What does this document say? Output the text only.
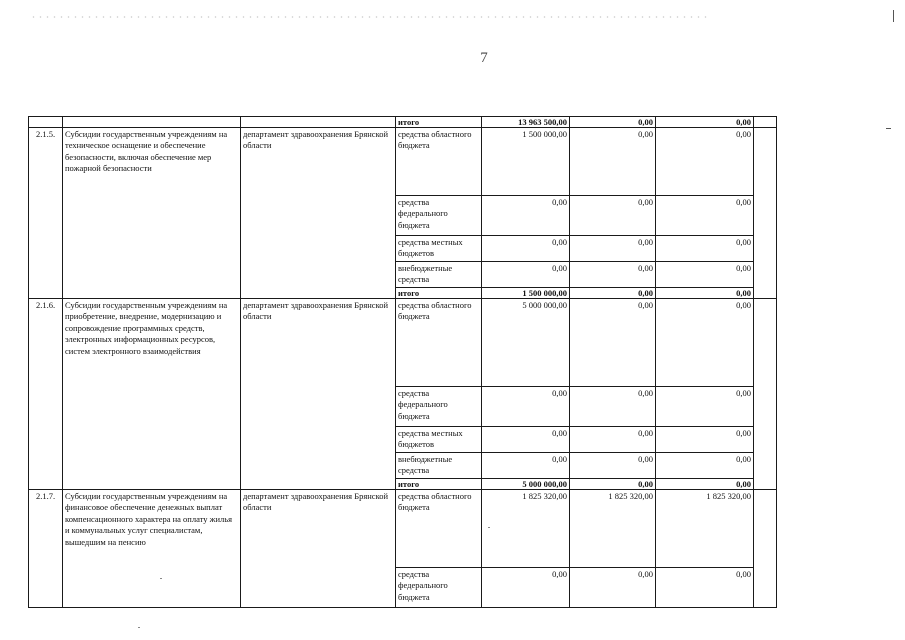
7
			итого	13 963 500,00	0,00	0,00	
2.1.5.	Субсидии государственным учреждениям на техническое оснащение и обеспечение безопасности, включая обеспечение мер пожарной безопасности	департамент здравоохранения Брянской области	средства областного бюджета	1 500 000,00	0,00	0,00	
			средства федерального бюджета	0,00	0,00	0,00	
			средства местных бюджетов	0,00	0,00	0,00	
			внебюджетные средства	0,00	0,00	0,00	
			итого	1 500 000,00	0,00	0,00	
2.1.6.	Субсидии государственным учреждениям на приобретение, внедрение, модернизацию и сопровождение программных средств, электронных информационных ресурсов, систем электронного взаимодействия	департамент здравоохранения Брянской области	средства областного бюджета	5 000 000,00	0,00	0,00	
			средства федерального бюджета	0,00	0,00	0,00	
			средства местных бюджетов	0,00	0,00	0,00	
			внебюджетные средства	0,00	0,00	0,00	
			итого	5 000 000,00	0,00	0,00	
2.1.7.	Субсидии государственным учреждениям на финансовое обеспечение денежных выплат компенсационного характера на оплату жилья и коммунальных услуг специалистам, вышедшим на пенсию	департамент здравоохранения Брянской области	средства областного бюджета	1 825 320,00	1 825 320,00	1 825 320,00	
			средства федерального бюджета	0,00	0,00	0,00	
